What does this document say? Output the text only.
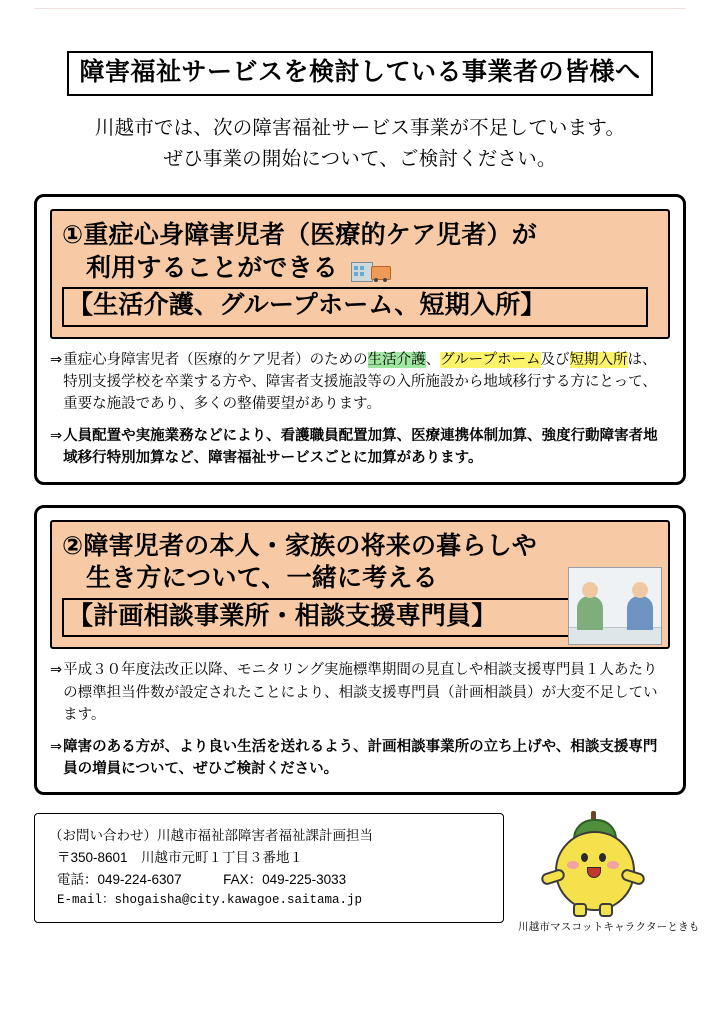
障害福祉サービスを検討している事業者の皆様へ
川越市では、次の障害福祉サービス事業が不足しています。
ぜひ事業の開始について、ご検討ください。
①重症心身障害児者（医療的ケア児者）が
利用することができる
【生活介護、グループホーム、短期入所】
⇒ 重症心身障害児者（医療的ケア児者）のための生活介護、グループホーム及び短期入所は、特別支援学校を卒業する方や、障害者支援施設等の入所施設から地域移行する方にとって、重要な施設であり、多くの整備要望があります。
⇒ 人員配置や実施業務などにより、看護職員配置加算、医療連携体制加算、強度行動障害者地域移行特別加算など、障害福祉サービスごとに加算があります。
②障害児者の本人・家族の将来の暮らしや
生き方について、一緒に考える
【計画相談事業所・相談支援専門員】
⇒ 平成３０年度法改正以降、モニタリング実施標準期間の見直しや相談支援専門員１人あたりの標準担当件数が設定されたことにより、相談支援専門員（計画相談員）が大変不足しています。
⇒ 障害のある方が、より良い生活を送れるよう、計画相談事業所の立ち上げや、相談支援専門員の増員について、ぜひご検討ください。
（お問い合わせ）川越市福祉部障害者福祉課計画担当
〒350-8601　川越市元町１丁目３番地１
電話：049-224-6307	FAX：049-225-3033
E-mail：shogaisha@city.kawagoe.saitama.jp
川越市マスコットキャラクターときも
